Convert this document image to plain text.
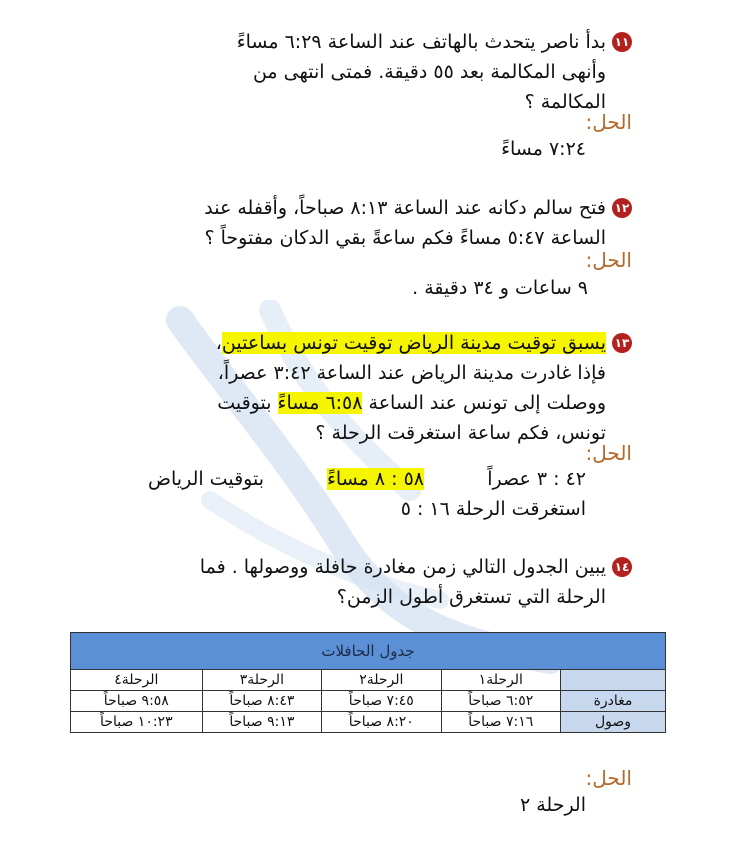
١١بدأ ناصر يتحدث بالهاتف عند الساعة ٦:٢٩ مساءً
وأنهى المكالمة بعد ٥٥ دقيقة. فمتى انتهى من
المكالمة ؟
الحل:
٧:٢٤ مساءً
١٢فتح سالم دكانه عند الساعة ٨:١٣ صباحاً، وأقفله عند
الساعة ٥:٤٧ مساءً فكم ساعةً بقي الدكان مفتوحاً ؟
الحل:
٩ ساعات و ٣٤ دقيقة .
١٣يسبق توقيت مدينة الرياض توقيت تونس بساعتين،
فإذا غادرت مدينة الرياض عند الساعة ٣:٤٢ عصراً،
ووصلت إلى تونس عند الساعة ٦:٥٨ مساءً بتوقيت
تونس، فكم ساعة استغرقت الرحلة ؟
الحل:
٤٢ : ٣ عصراً
٥٨ : ٨ مساءً
بتوقيت الرياض
استغرقت الرحلة ١٦ : ٥
١٤يبين الجدول التالي زمن مغادرة حافلة ووصولها . فما
الرحلة التي تستغرق أطول الزمن؟
جدول الحافلات				
	الرحلة١	الرحلة٢	الرحلة٣	الرحلة٤
مغادرة	٦:٥٢ صباحاً	٧:٤٥ صباحاً	٨:٤٣ صباحاً	٩:٥٨ صباحاً
وصول	٧:١٦ صباحاً	٨:٢٠ صباحاً	٩:١٣ صباحاً	١٠:٢٣ صباحاً
الحل:
الرحلة ٢
